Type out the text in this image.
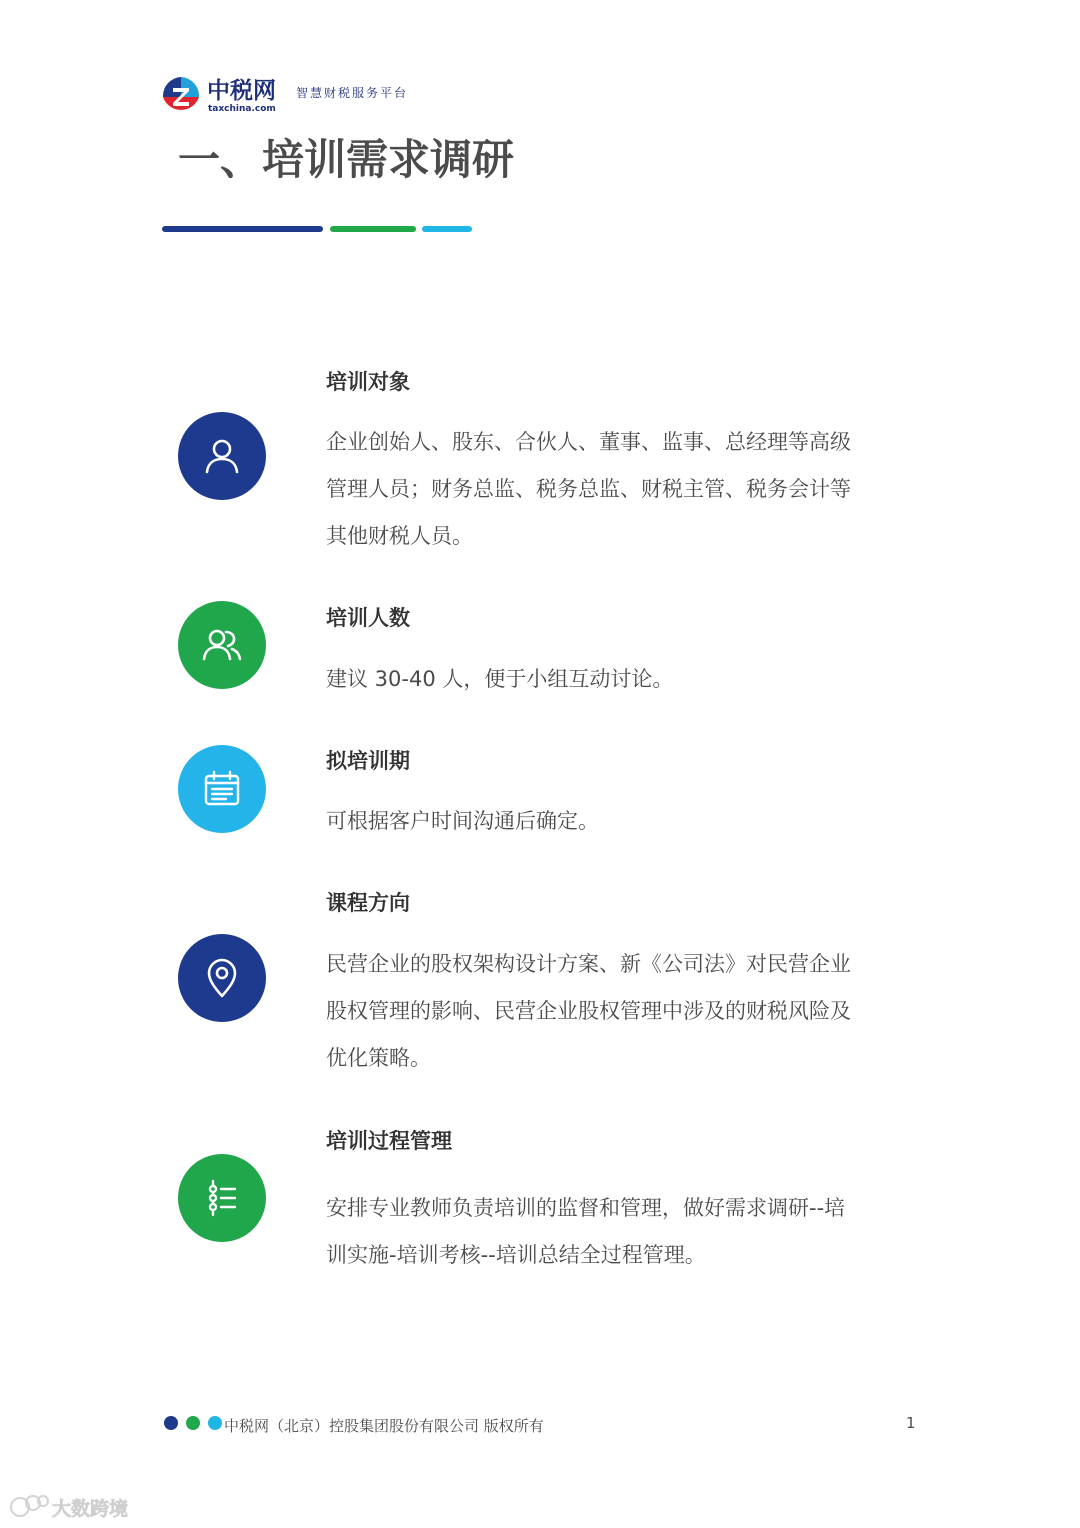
中税网
taxchina.com
智慧财税服务平台
一、培训需求调研
培训对象
企业创始人、股东、合伙人、董事、监事、总经理等高级
管理人员；财务总监、税务总监、财税主管、税务会计等
其他财税人员。
培训人数
建议 30-40 人，便于小组互动讨论。
拟培训期
可根据客户时间沟通后确定。
课程方向
民营企业的股权架构设计方案、新《公司法》对民营企业
股权管理的影响、民营企业股权管理中涉及的财税风险及
优化策略。
培训过程管理
安排专业教师负责培训的监督和管理，做好需求调研--培
训实施-培训考核--培训总结全过程管理。
中税网（北京）控股集团股份有限公司 版权所有	1
大数跨境
